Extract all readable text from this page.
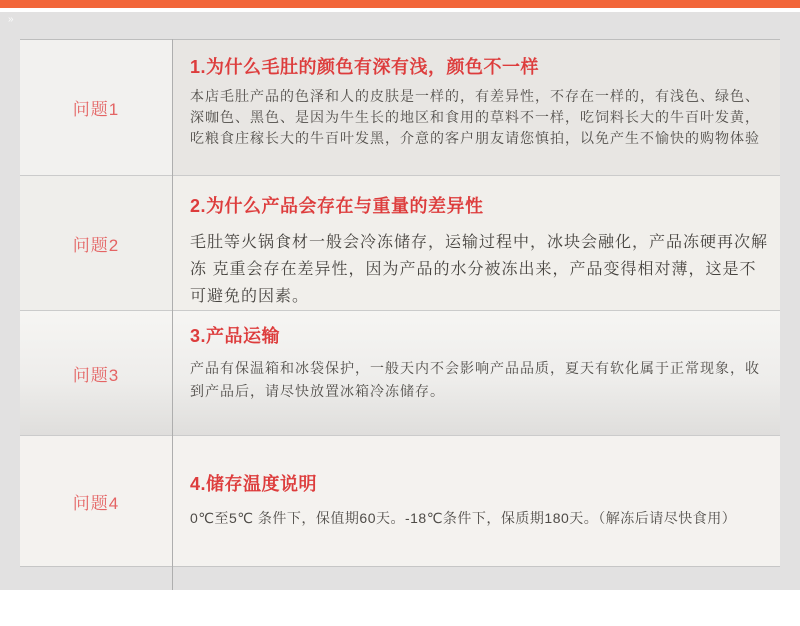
»
问题1
1.为什么毛肚的颜色有深有浅，颜色不一样
本店毛肚产品的色泽和人的皮肤是一样的，有差异性，不存在一样的，有浅色、绿色、深咖色、黑色、是因为牛生长的地区和食用的草料不一样，吃饲料长大的牛百叶发黄，吃粮食庄稼长大的牛百叶发黑，介意的客户朋友请您慎拍，以免产生不愉快的购物体验
问题2
2.为什么产品会存在与重量的差异性
毛肚等火锅食材一般会冷冻储存，运输过程中，冰块会融化，产品冻硬再次解冻 克重会存在差异性，因为产品的水分被冻出来，产品变得相对薄，这是不可避免的因素。
问题3
3.产品运输
产品有保温箱和冰袋保护，一般天内不会影响产品品质，夏天有软化属于正常现象，收到产品后，请尽快放置冰箱冷冻储存。
问题4
4.储存温度说明
0℃至5℃ 条件下，保值期60天。-18℃条件下，保质期180天。（解冻后请尽快食用）
